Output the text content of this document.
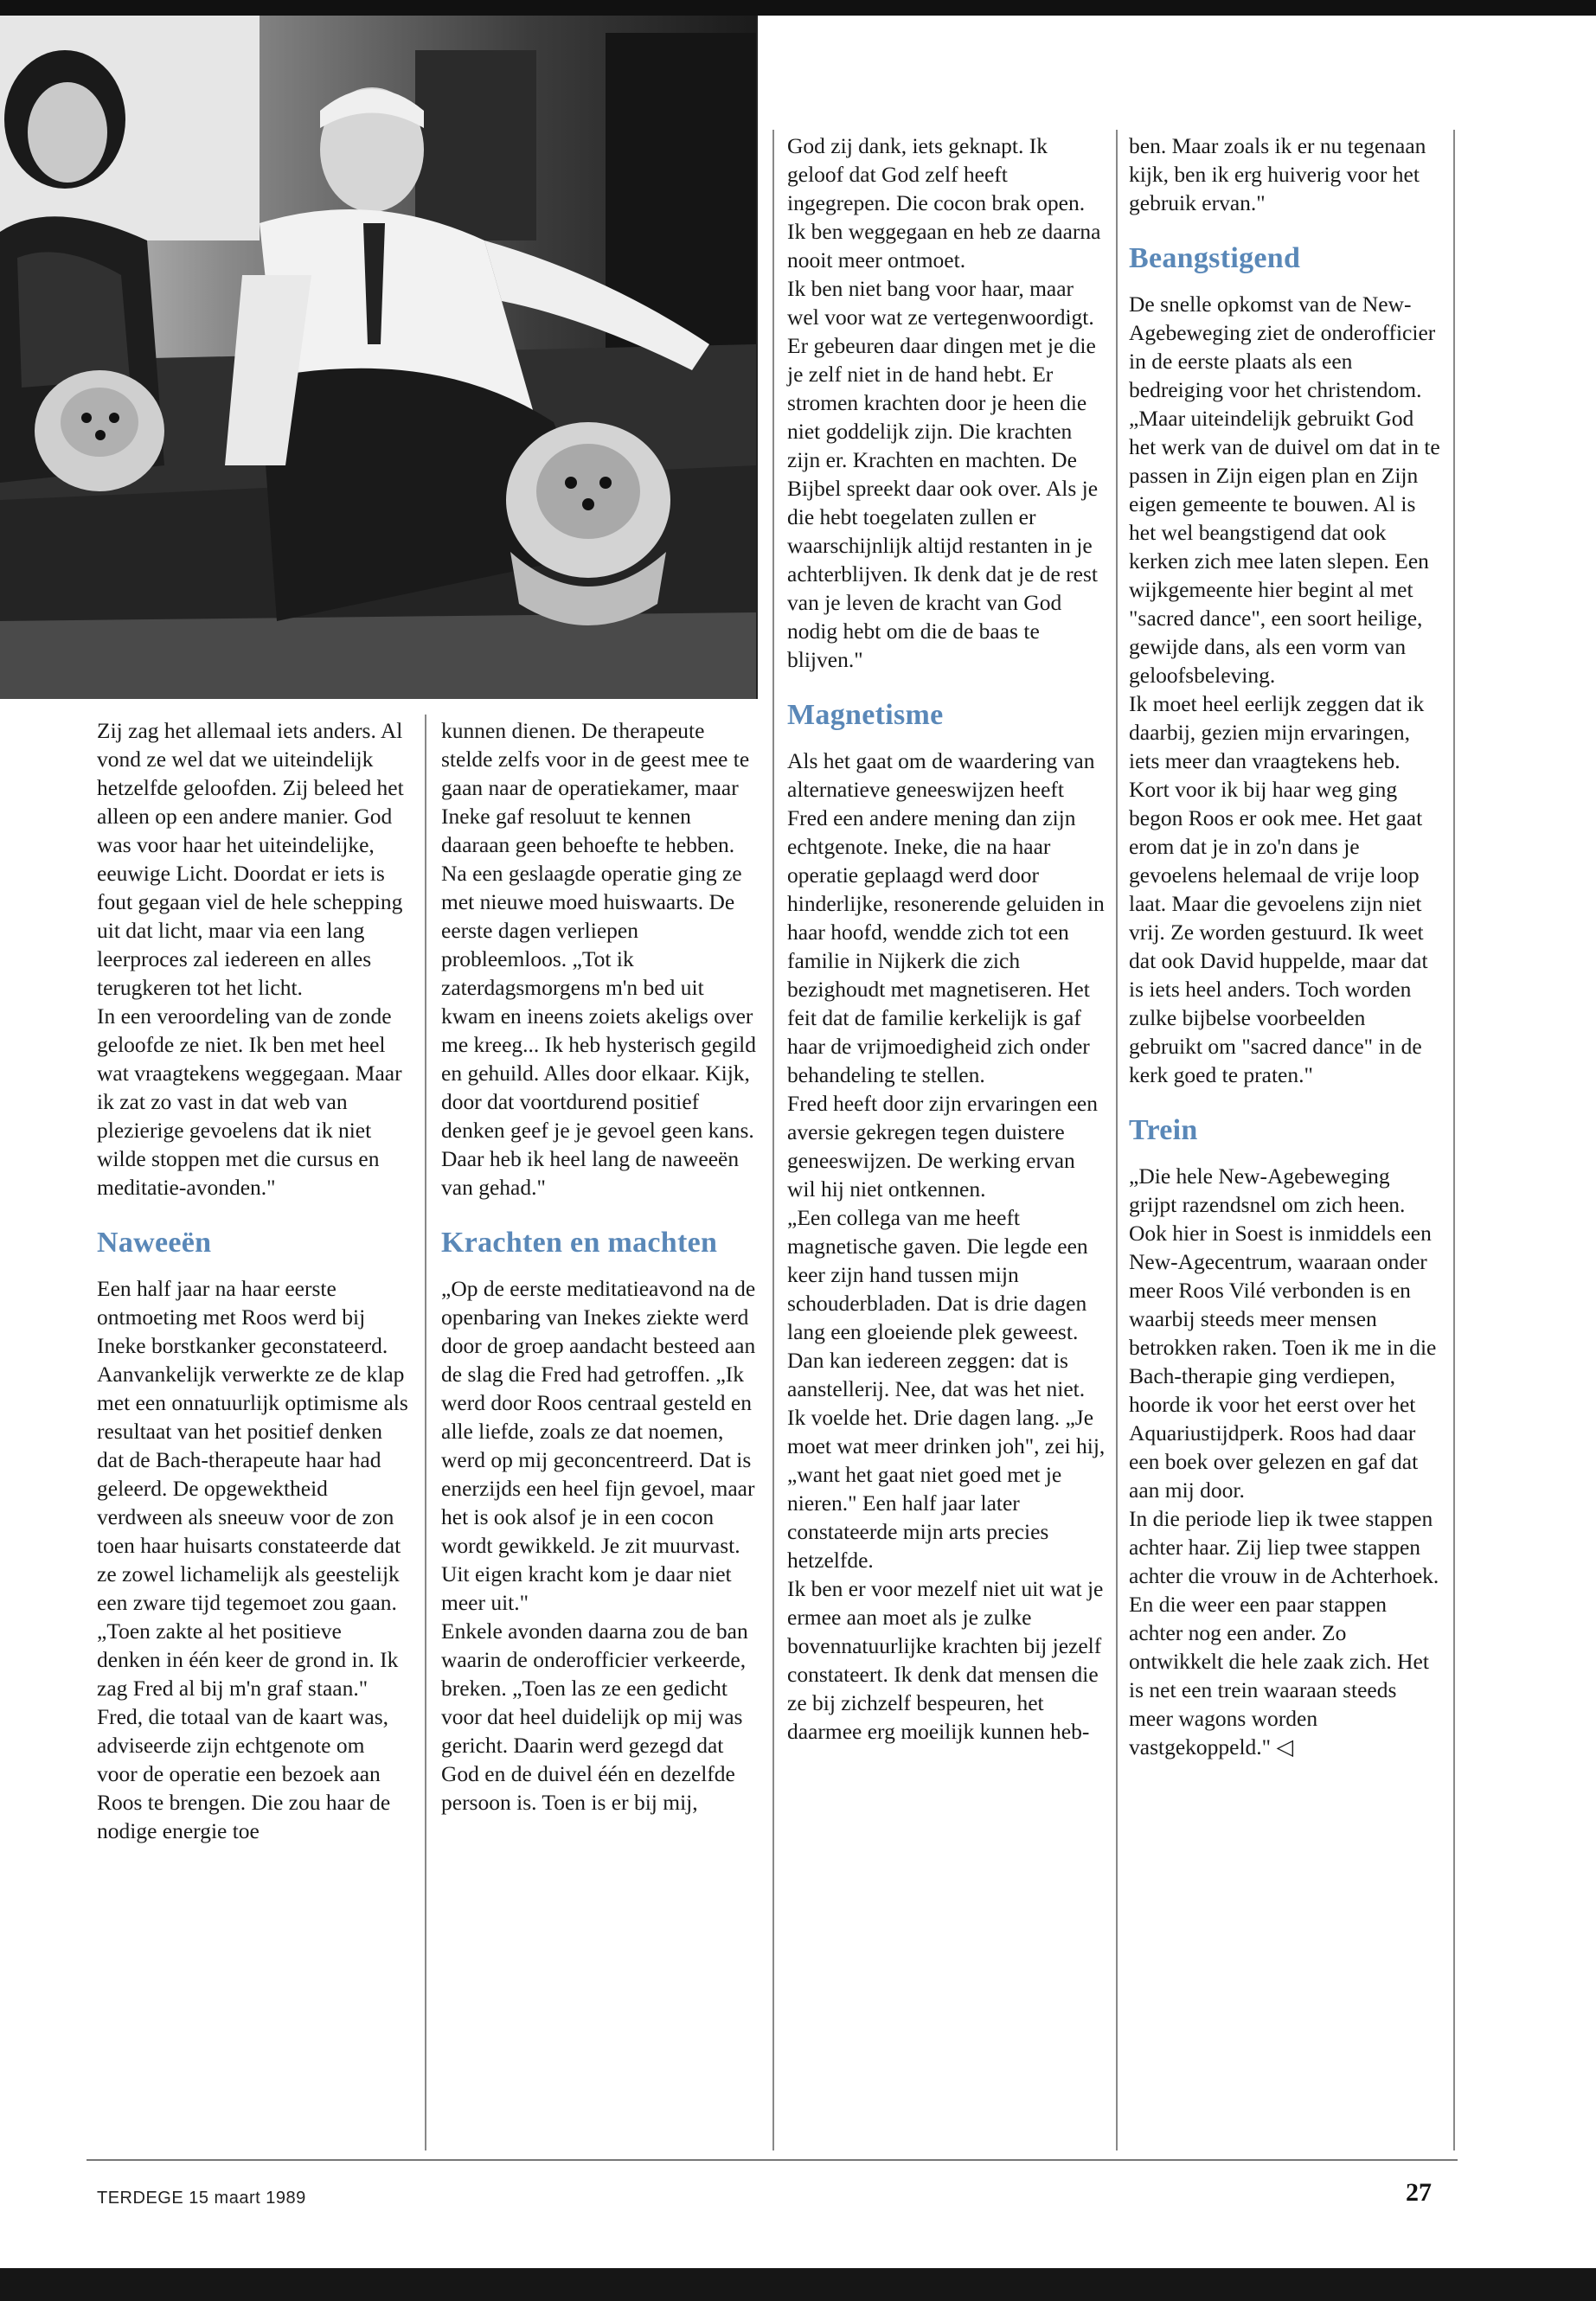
Zij zag het allemaal iets anders. Al vond ze wel dat we uiteindelijk hetzelfde geloofden. Zij beleed het alleen op een andere manier. God was voor haar het uiteindelijke, eeuwige Licht. Doordat er iets is fout gegaan viel de hele schepping uit dat licht, maar via een lang leerproces zal iedereen en alles terugkeren tot het licht.

In een veroordeling van de zonde geloofde ze niet. Ik ben met heel wat vraagtekens weggegaan. Maar ik zat zo vast in dat web van plezierige gevoelens dat ik niet wilde stoppen met die cursus en meditatie-avonden."

Naweeën

Een half jaar na haar eerste ontmoeting met Roos werd bij Ineke borstkanker geconstateerd. Aanvankelijk verwerkte ze de klap met een onnatuurlijk optimisme als resultaat van het positief denken dat de Bach-therapeute haar had geleerd. De opgewektheid verdween als sneeuw voor de zon toen haar huisarts constateerde dat ze zowel lichamelijk als geestelijk een zware tijd tegemoet zou gaan. „Toen zakte al het positieve denken in één keer de grond in. Ik zag Fred al bij m'n graf staan."

Fred, die totaal van de kaart was, adviseerde zijn echtgenote om voor de operatie een bezoek aan Roos te brengen. Die zou haar de nodige energie toe

kunnen dienen. De therapeute stelde zelfs voor in de geest mee te gaan naar de operatiekamer, maar Ineke gaf resoluut te kennen daaraan geen behoefte te hebben.

Na een geslaagde operatie ging ze met nieuwe moed huiswaarts. De eerste dagen verliepen probleemloos. „Tot ik zaterdagsmorgens m'n bed uit kwam en ineens zoiets akeligs over me kreeg... Ik heb hysterisch gegild en gehuild. Alles door elkaar. Kijk, door dat voortdurend positief denken geef je je gevoel geen kans. Daar heb ik heel lang de naweeën van gehad."

Krachten en machten

„Op de eerste meditatieavond na de openbaring van Inekes ziekte werd door de groep aandacht besteed aan de slag die Fred had getroffen. „Ik werd door Roos centraal gesteld en alle liefde, zoals ze dat noemen, werd op mij geconcentreerd. Dat is enerzijds een heel fijn gevoel, maar het is ook alsof je in een cocon wordt gewikkeld. Je zit muurvast. Uit eigen kracht kom je daar niet meer uit."

Enkele avonden daarna zou de ban waarin de onderofficier verkeerde, breken. „Toen las ze een gedicht voor dat heel duidelijk op mij was gericht. Daarin werd gezegd dat God en de duivel één en dezelfde persoon is. Toen is er bij mij,

God zij dank, iets geknapt. Ik geloof dat God zelf heeft ingegrepen. Die cocon brak open. Ik ben weggegaan en heb ze daarna nooit meer ontmoet.

Ik ben niet bang voor haar, maar wel voor wat ze vertegenwoordigt. Er gebeuren daar dingen met je die je zelf niet in de hand hebt. Er stromen krachten door je heen die niet goddelijk zijn. Die krachten zijn er. Krachten en machten. De Bijbel spreekt daar ook over. Als je die hebt toegelaten zullen er waarschijnlijk altijd restanten in je achterblijven. Ik denk dat je de rest van je leven de kracht van God nodig hebt om die de baas te blijven."

Magnetisme

Als het gaat om de waardering van alternatieve geneeswijzen heeft Fred een andere mening dan zijn echtgenote. Ineke, die na haar operatie geplaagd werd door hinderlijke, resonerende geluiden in haar hoofd, wendde zich tot een familie in Nijkerk die zich bezighoudt met magnetiseren. Het feit dat de familie kerkelijk is gaf haar de vrijmoedigheid zich onder behandeling te stellen.

Fred heeft door zijn ervaringen een aversie gekregen tegen duistere geneeswijzen. De werking ervan wil hij niet ontkennen.

„Een collega van me heeft magnetische gaven. Die legde een keer zijn hand tussen mijn schouderbladen. Dat is drie dagen lang een gloeiende plek geweest. Dan kan iedereen zeggen: dat is aanstellerij. Nee, dat was het niet. Ik voelde het. Drie dagen lang. „Je moet wat meer drinken joh", zei hij, „want het gaat niet goed met je nieren." Een half jaar later constateerde mijn arts precies hetzelfde.

Ik ben er voor mezelf niet uit wat je ermee aan moet als je zulke bovennatuurlijke krachten bij jezelf constateert. Ik denk dat mensen die ze bij zichzelf bespeuren, het daarmee erg moeilijk kunnen heb-

ben. Maar zoals ik er nu tegenaan kijk, ben ik erg huiverig voor het gebruik ervan."

Beangstigend

De snelle opkomst van de New-Agebeweging ziet de onderofficier in de eerste plaats als een bedreiging voor het christendom.

„Maar uiteindelijk gebruikt God het werk van de duivel om dat in te passen in Zijn eigen plan en Zijn eigen gemeente te bouwen. Al is het wel beangstigend dat ook kerken zich mee laten slepen. Een wijkgemeente hier begint al met "sacred dance", een soort heilige, gewijde dans, als een vorm van geloofsbeleving.

Ik moet heel eerlijk zeggen dat ik daarbij, gezien mijn ervaringen, iets meer dan vraagtekens heb. Kort voor ik bij haar weg ging begon Roos er ook mee. Het gaat erom dat je in zo'n dans je gevoelens helemaal de vrije loop laat. Maar die gevoelens zijn niet vrij. Ze worden gestuurd. Ik weet dat ook David huppelde, maar dat is iets heel anders. Toch worden zulke bijbelse voorbeelden gebruikt om "sacred dance" in de kerk goed te praten."

Trein

„Die hele New-Agebeweging grijpt razendsnel om zich heen. Ook hier in Soest is inmiddels een New-Agecentrum, waaraan onder meer Roos Vilé verbonden is en waarbij steeds meer mensen betrokken raken. Toen ik me in die Bach-therapie ging verdiepen, hoorde ik voor het eerst over het Aquariustijdperk. Roos had daar een boek over gelezen en gaf dat aan mij door.

In die periode liep ik twee stappen achter haar. Zij liep twee stappen achter die vrouw in de Achterhoek. En die weer een paar stappen achter nog een ander. Zo ontwikkelt die hele zaak zich. Het is net een trein waaraan steeds meer wagons worden vastgekoppeld." ◁

TERDEGE 15 maart 1989	27
